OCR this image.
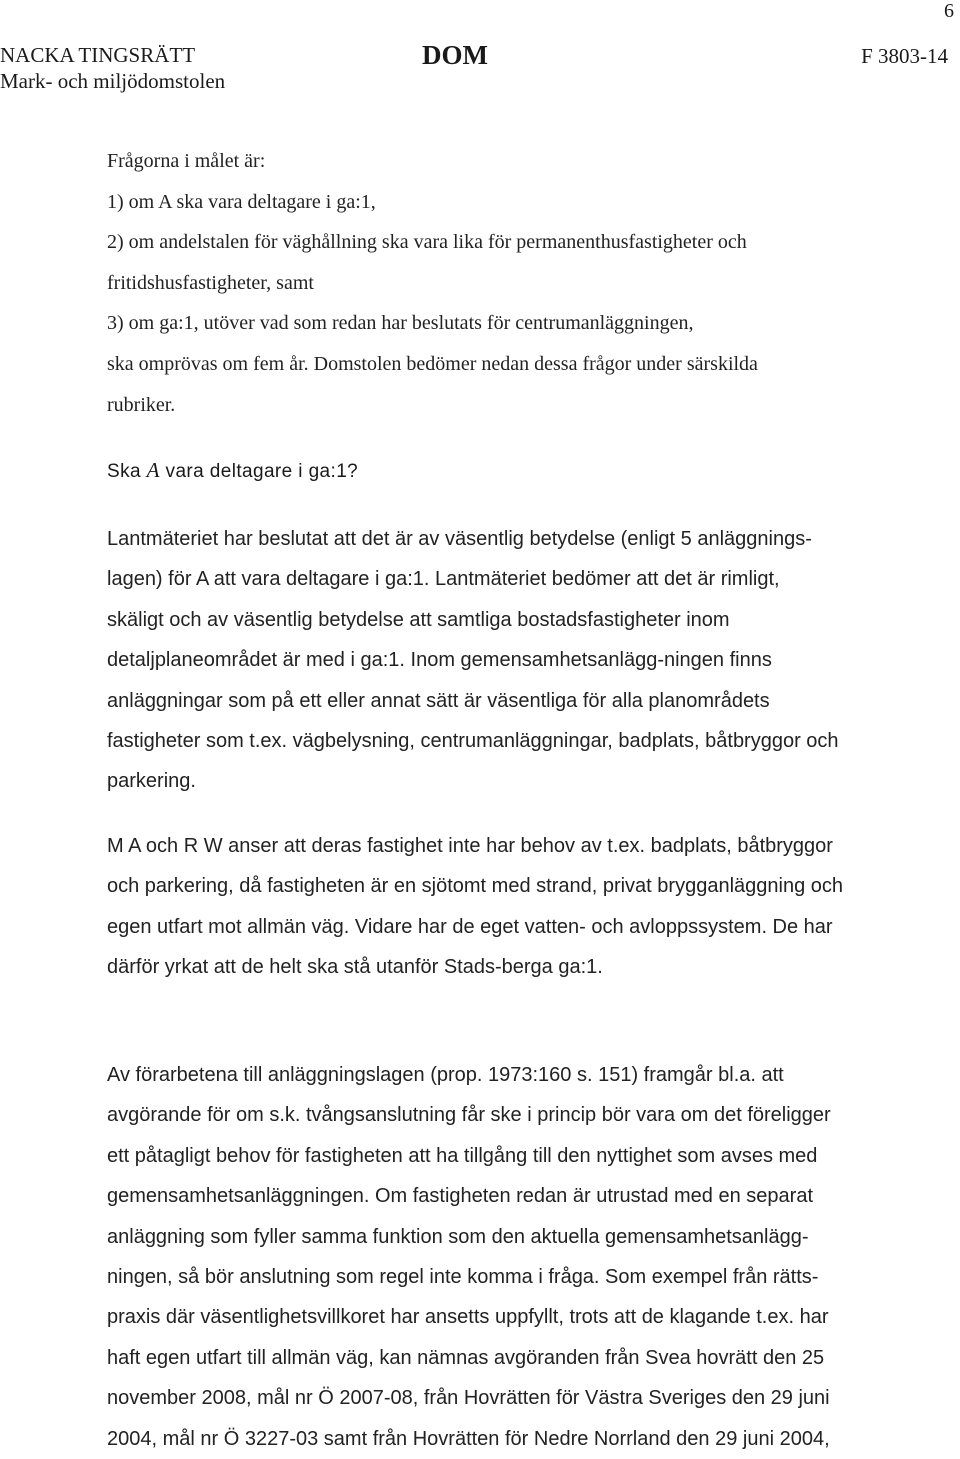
6
NACKA TINGSRÄTT
Mark- och miljödomstolen
DOM	F 3803-14
Frågorna i målet är:
1) om A ska vara deltagare i ga:1,
2) om andelstalen för väghållning ska vara lika för permanenthusfastigheter och
fritidshusfastigheter, samt
3) om ga:1, utöver vad som redan har beslutats för centrumanläggningen,
ska omprövas om fem år. Domstolen bedömer nedan dessa frågor under särskilda
rubriker.
Ska A vara deltagare i ga:1?
Lantmäteriet har beslutat att det är av väsentlig betydelse (enligt 5 anläggnings-
lagen) för A att vara deltagare i ga:1. Lantmäteriet bedömer att det är rimligt,
skäligt och av väsentlig betydelse att samtliga bostadsfastigheter inom
detaljplaneområdet är med i ga:1. Inom gemensamhetsanlägg-ningen finns
anläggningar som på ett eller annat sätt är väsentliga för alla planområdets
fastigheter som t.ex. vägbelysning, centrumanläggningar, badplats, båtbryggor och
parkering.
M A och R W anser att deras fastighet inte har behov av t.ex. badplats, båtbryggor
och parkering, då fastigheten är en sjötomt med strand, privat brygganläggning och
egen utfart mot allmän väg. Vidare har de eget vatten- och avloppssystem. De har
därför yrkat att de helt ska stå utanför Stads-berga ga:1.
Av förarbetena till anläggningslagen (prop. 1973:160 s. 151) framgår bl.a. att
avgörande för om s.k. tvångsanslutning får ske i princip bör vara om det föreligger
ett påtagligt behov för fastigheten att ha tillgång till den nyttighet som avses med
gemensamhetsanläggningen. Om fastigheten redan är utrustad med en separat
anläggning som fyller samma funktion som den aktuella gemensamhetsanlägg-
ningen, så bör anslutning som regel inte komma i fråga. Som exempel från rätts-
praxis där väsentlighetsvillkoret har ansetts uppfyllt, trots att de klagande t.ex. har
haft egen utfart till allmän väg, kan nämnas avgöranden från Svea hovrätt den 25
november 2008, mål nr Ö 2007-08, från Hovrätten för Västra Sveriges den 29 juni
2004, mål nr Ö 3227-03 samt från Hovrätten för Nedre Norrland den 29 juni 2004,
